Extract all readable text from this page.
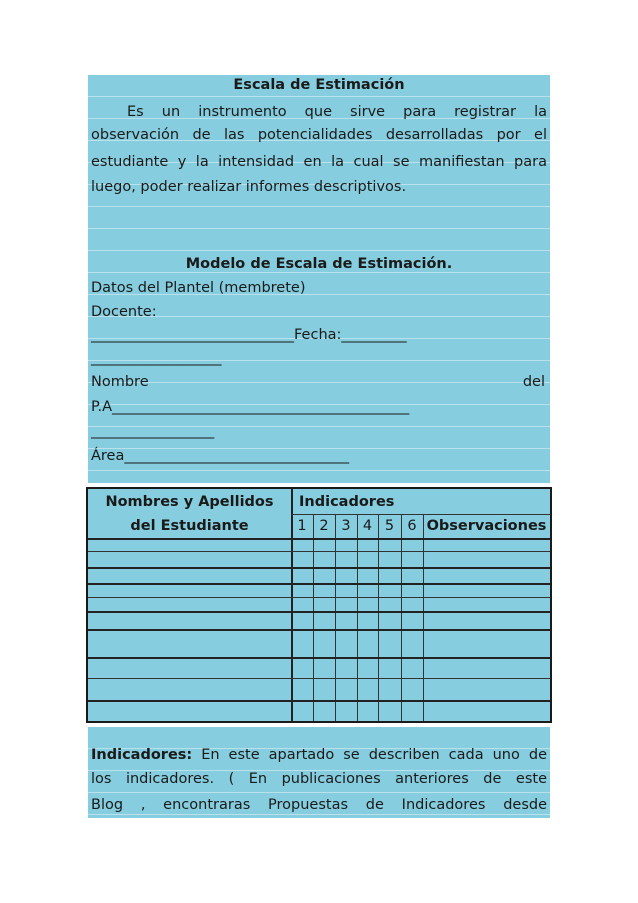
Escala de Estimación
Es un instrumento que sirve para registrar la
observación de las potencialidades desarrolladas por el
estudiante y la intensidad en la cual se manifiestan para
luego, poder realizar informes descriptivos.
Modelo de Escala de Estimación.
Datos del Plantel (membrete)
Docente:
____________________________Fecha:_________
__________________
Nombre	del
P.A_________________________________________
_________________
Área_______________________________
Nombres y Apellidos
del Estudiante
Indicadores
1 2 3 4 5 6 Observaciones
Indicadores: En este apartado se describen cada uno de
los indicadores. ( En publicaciones anteriores de este
Blog , encontraras Propuestas de Indicadores desde
